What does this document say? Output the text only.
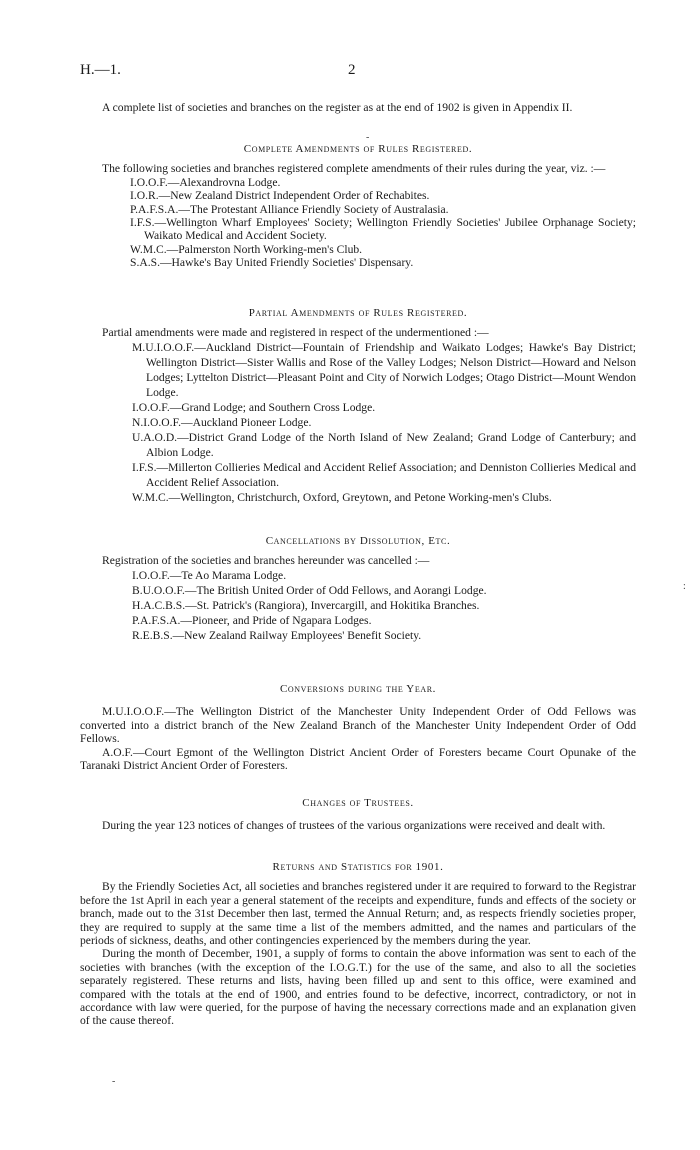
H.—1.	2

A complete list of societies and branches on the register as at the end of 1902 is given in Appendix II.

Complete Amendments of Rules Registered.

The following societies and branches registered complete amendments of their rules during the year, viz. :—

I.O.O.F.—Alexandrovna Lodge.
I.O.R.—New Zealand District Independent Order of Rechabites.
P.A.F.S.A.—The Protestant Alliance Friendly Society of Australasia.
I.F.S.—Wellington Wharf Employees' Society; Wellington Friendly Societies' Jubilee Orphanage Society; Waikato Medical and Accident Society.
W.M.C.—Palmerston North Working-men's Club.
S.A.S.—Hawke's Bay United Friendly Societies' Dispensary.

Partial Amendments of Rules Registered.

Partial amendments were made and registered in respect of the undermentioned :—

M.U.I.O.O.F.—Auckland District—Fountain of Friendship and Waikato Lodges; Hawke's Bay District; Wellington District—Sister Wallis and Rose of the Valley Lodges; Nelson District—Howard and Nelson Lodges; Lyttelton District—Pleasant Point and City of Norwich Lodges; Otago District—Mount Wendon Lodge.
I.O.O.F.—Grand Lodge; and Southern Cross Lodge.
N.I.O.O.F.—Auckland Pioneer Lodge.
U.A.O.D.—District Grand Lodge of the North Island of New Zealand; Grand Lodge of Canterbury; and Albion Lodge.
I.F.S.—Millerton Collieries Medical and Accident Relief Association; and Denniston Collieries Medical and Accident Relief Association.
W.M.C.—Wellington, Christchurch, Oxford, Greytown, and Petone Working-men's Clubs.

Cancellations by Dissolution, Etc.

Registration of the societies and branches hereunder was cancelled :—

I.O.O.F.—Te Ao Marama Lodge.
B.U.O.O.F.—The British United Order of Odd Fellows, and Aorangi Lodge.
H.A.C.B.S.—St. Patrick's (Rangiora), Invercargill, and Hokitika Branches.
P.A.F.S.A.—Pioneer, and Pride of Ngapara Lodges.
R.E.B.S.—New Zealand Railway Employees' Benefit Society.

Conversions during the Year.

M.U.I.O.O.F.—The Wellington District of the Manchester Unity Independent Order of Odd Fellows was converted into a district branch of the New Zealand Branch of the Manchester Unity Independent Order of Odd Fellows.

A.O.F.—Court Egmont of the Wellington District Ancient Order of Foresters became Court Opunake of the Taranaki District Ancient Order of Foresters.

Changes of Trustees.

During the year 123 notices of changes of trustees of the various organizations were received and dealt with.

Returns and Statistics for 1901.

By the Friendly Societies Act, all societies and branches registered under it are required to forward to the Registrar before the 1st April in each year a general statement of the receipts and expenditure, funds and effects of the society or branch, made out to the 31st December then last, termed the Annual Return; and, as respects friendly societies proper, they are required to supply at the same time a list of the members admitted, and the names and particulars of the periods of sickness, deaths, and other contingencies experienced by the members during the year.

During the month of December, 1901, a supply of forms to contain the above information was sent to each of the societies with branches (with the exception of the I.O.G.T.) for the use of the same, and also to all the societies separately registered. These returns and lists, having been filled up and sent to this office, were examined and compared with the totals at the end of 1900, and entries found to be defective, incorrect, contradictory, or not in accordance with law were queried, for the purpose of having the necessary corrections made and an explanation given of the cause thereof.

-
:
-
